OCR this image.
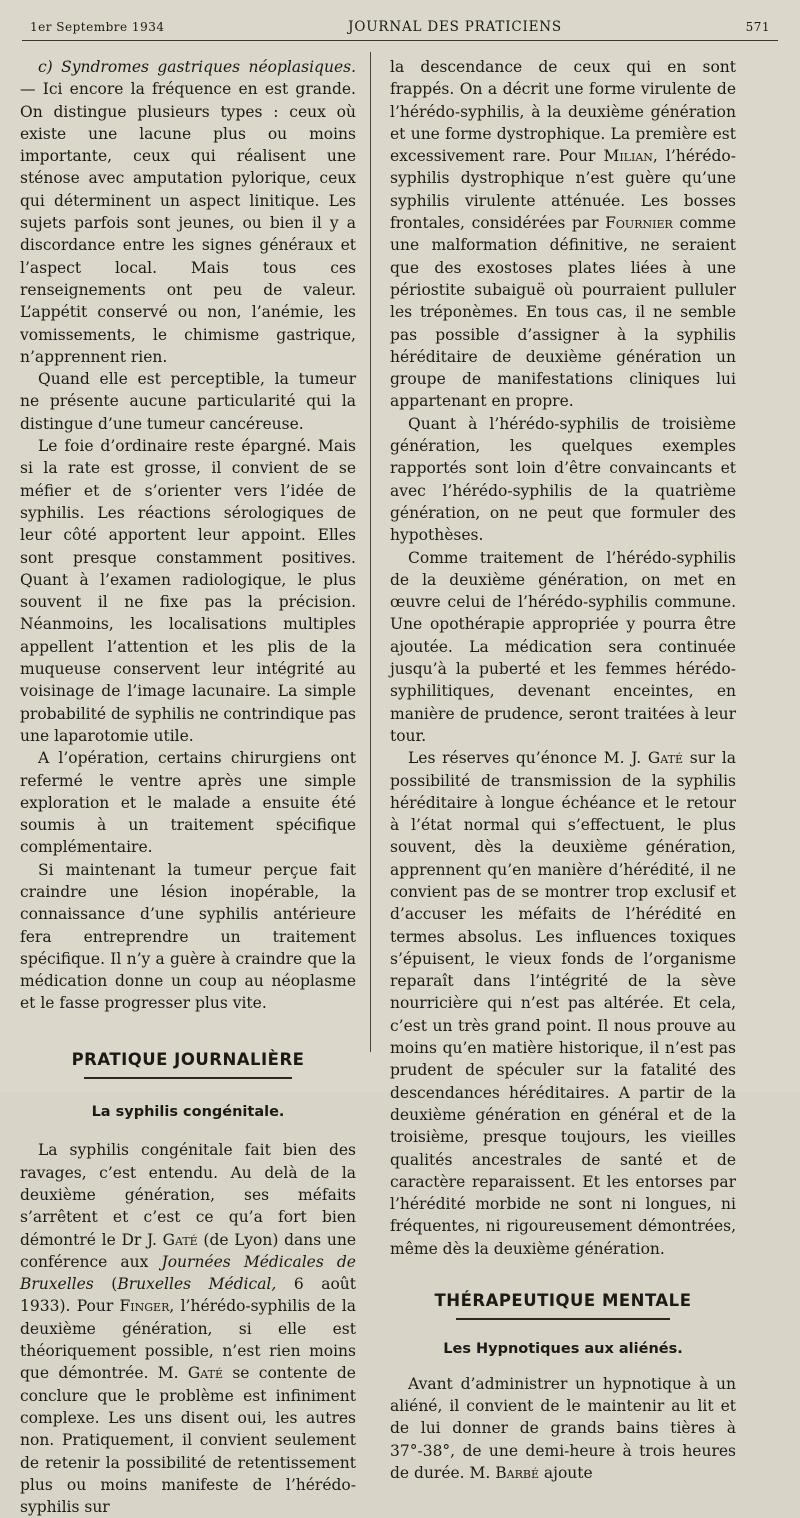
1er Septembre 1934	JOURNAL DES PRATICIENS	571

c) Syndromes gastriques néoplasiques. — Ici encore la fréquence en est grande. On distingue plusieurs types : ceux où existe une lacune plus ou moins importante, ceux qui réalisent une sténose avec amputation pylorique, ceux qui déterminent un aspect linitique. Les sujets parfois sont jeunes, ou bien il y a discordance entre les signes généraux et l’aspect local. Mais tous ces renseignements ont peu de valeur. L’appétit conservé ou non, l’anémie, les vomissements, le chimisme gastrique, n’apprennent rien.

Quand elle est perceptible, la tumeur ne présente aucune particularité qui la distingue d’une tumeur cancéreuse.

Le foie d’ordinaire reste épargné. Mais si la rate est grosse, il convient de se méfier et de s’orienter vers l’idée de syphilis. Les réactions sérologiques de leur côté apportent leur appoint. Elles sont presque constamment positives. Quant à l’examen radiologique, le plus souvent il ne fixe pas la précision. Néanmoins, les localisations multiples appellent l’attention et les plis de la muqueuse conservent leur intégrité au voisinage de l’image lacunaire. La simple probabilité de syphilis ne contrindique pas une laparotomie utile.

A l’opération, certains chirurgiens ont refermé le ventre après une simple exploration et le malade a ensuite été soumis à un traitement spécifique complémentaire.

Si maintenant la tumeur perçue fait craindre une lésion inopérable, la connaissance d’une syphilis antérieure fera entreprendre un traitement spécifique. Il n’y a guère à craindre que la médication donne un coup au néoplasme et le fasse progresser plus vite.

PRATIQUE JOURNALIÈRE

La syphilis congénitale.

La syphilis congénitale fait bien des ravages, c’est entendu. Au delà de la deuxième génération, ses méfaits s’arrêtent et c’est ce qu’a fort bien démontré le Dr J. Gaté (de Lyon) dans une conférence aux Journées Médicales de Bruxelles (Bruxelles Médical, 6 août 1933). Pour Finger, l’hérédo-syphilis de la deuxième génération, si elle est théoriquement possible, n’est rien moins que démontrée. M. Gaté se contente de conclure que le problème est infiniment complexe. Les uns disent oui, les autres non. Pratiquement, il convient seulement de retenir la possibilité de retentissement plus ou moins manifeste de l’hérédo-syphilis sur

la descendance de ceux qui en sont frappés. On a décrit une forme virulente de l’hérédo-syphilis, à la deuxième génération et une forme dystrophique. La première est excessivement rare. Pour Milian, l’hérédo-syphilis dystrophique n’est guère qu’une syphilis virulente atténuée. Les bosses frontales, considérées par Fournier comme une malformation définitive, ne seraient que des exostoses plates liées à une périostite subaiguë où pourraient pulluler les tréponèmes. En tous cas, il ne semble pas possible d’assigner à la syphilis héréditaire de deuxième génération un groupe de manifestations cliniques lui appartenant en propre.

Quant à l’hérédo-syphilis de troisième génération, les quelques exemples rapportés sont loin d’être convaincants et avec l’hérédo-syphilis de la quatrième génération, on ne peut que formuler des hypothèses.

Comme traitement de l’hérédo-syphilis de la deuxième génération, on met en œuvre celui de l’hérédo-syphilis commune. Une opothérapie appropriée y pourra être ajoutée. La médication sera continuée jusqu’à la puberté et les femmes hérédo-syphilitiques, devenant enceintes, en manière de prudence, seront traitées à leur tour.

Les réserves qu’énonce M. J. Gaté sur la possibilité de transmission de la syphilis héréditaire à longue échéance et le retour à l’état normal qui s’effectuent, le plus souvent, dès la deuxième génération, apprennent qu’en manière d’hérédité, il ne convient pas de se montrer trop exclusif et d’accuser les méfaits de l’hérédité en termes absolus. Les influences toxiques s’épuisent, le vieux fonds de l’organisme reparaît dans l’intégrité de la sève nourricière qui n’est pas altérée. Et cela, c’est un très grand point. Il nous prouve au moins qu’en matière historique, il n’est pas prudent de spéculer sur la fatalité des descendances héréditaires. A partir de la deuxième génération en général et de la troisième, presque toujours, les vieilles qualités ancestrales de santé et de caractère reparaissent. Et les entorses par l’hérédité morbide ne sont ni longues, ni fréquentes, ni rigoureusement démontrées, même dès la deuxième génération.

THÉRAPEUTIQUE MENTALE

Les Hypnotiques aux aliénés.

Avant d’administrer un hypnotique à un aliéné, il convient de le maintenir au lit et de lui donner de grands bains tières à 37°-38°, de une demi-heure à trois heures de durée. M. Barbé ajoute
